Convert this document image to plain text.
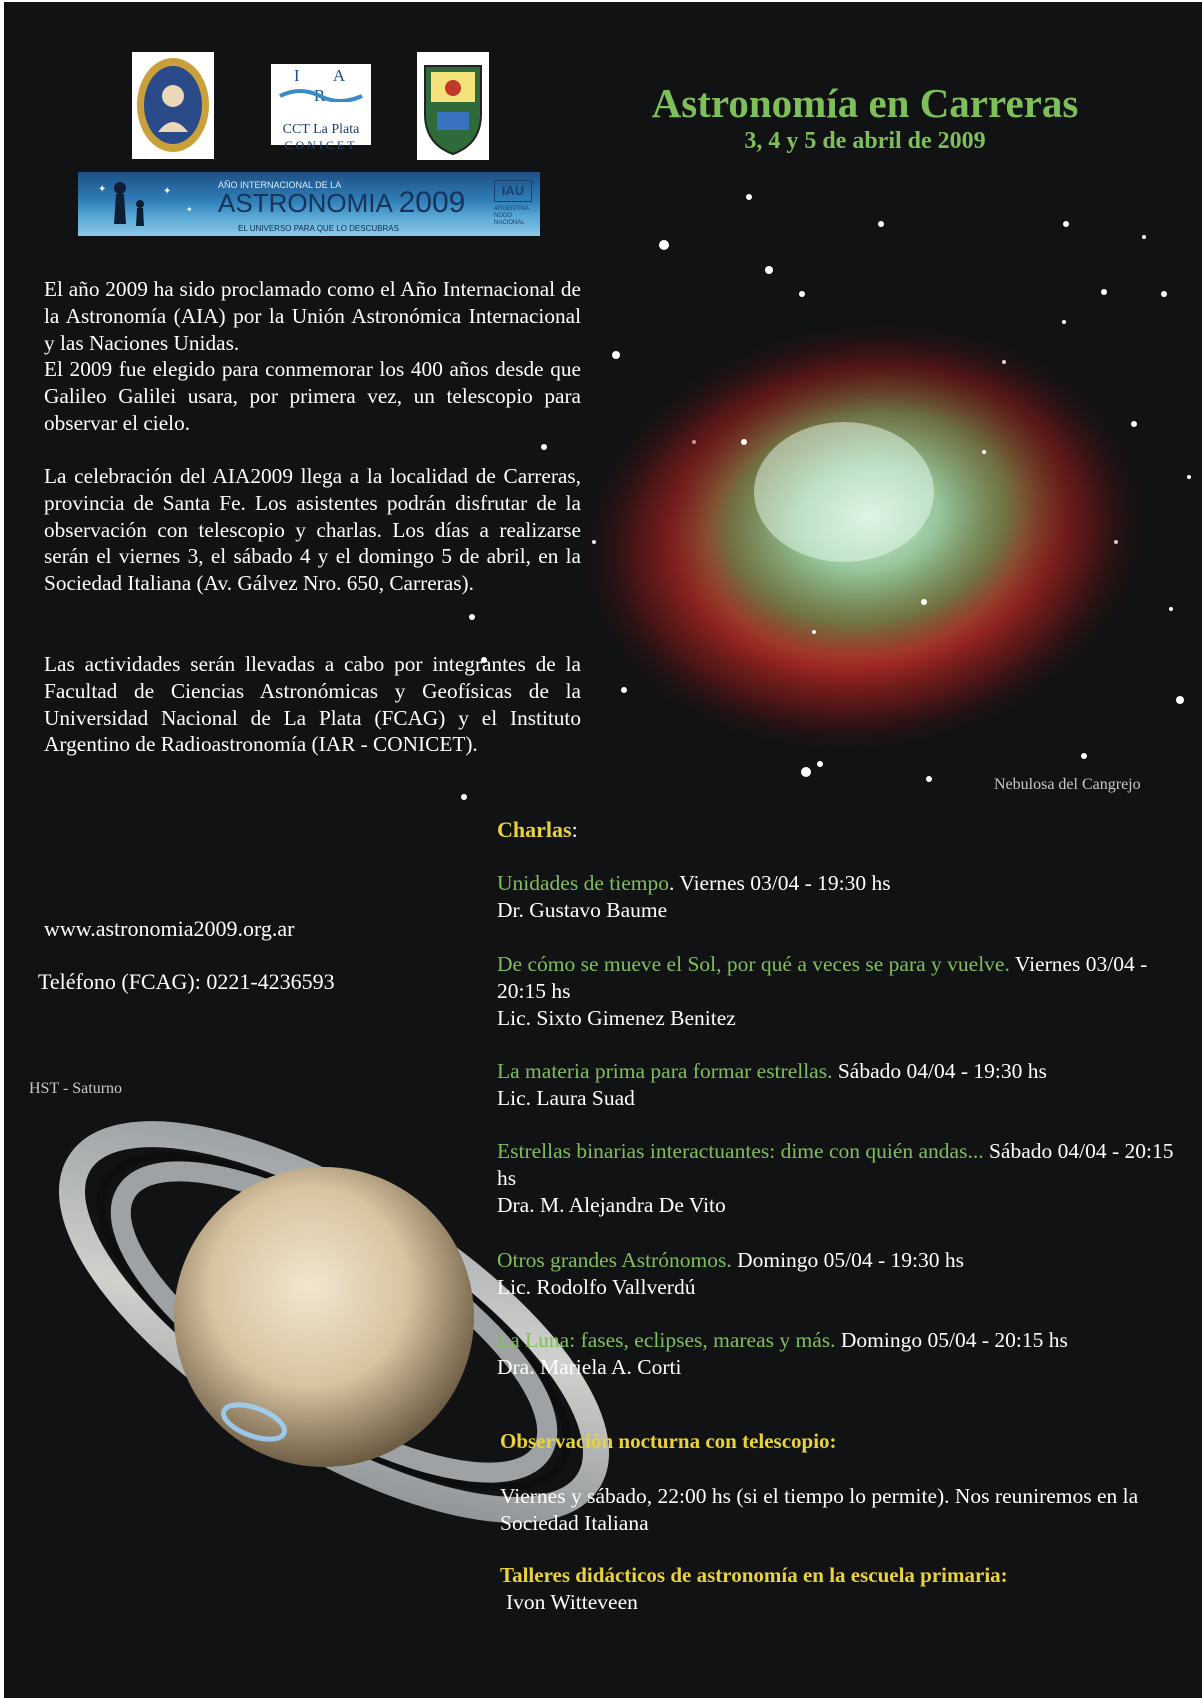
I A R
CCT La Plata
CONICET
✦	✦
✦
AÑO INTERNACIONAL DE LA
ASTRONOMIA 2009
EL UNIVERSO PARA QUE LO DESCUBRAS
IAU
ARGENTINA NODO NACIONAL
Astronomía en Carreras
3, 4 y 5 de abril de 2009

El año 2009 ha sido proclamado como el Año Internacional de la Astronomía (AIA) por la Unión Astronómica Internacional y las Naciones Unidas.

El 2009 fue elegido para conmemorar los 400 años desde que Galileo Galilei usara, por primera vez, un telescopio para observar el cielo.

La celebración del AIA2009 llega a la localidad de Carreras, provincia de Santa Fe. Los asistentes podrán disfrutar de la observación con telescopio y charlas. Los días a realizarse serán el viernes 3, el sábado 4 y el domingo 5 de abril, en la Sociedad Italiana (Av. Gálvez Nro. 650, Carreras).

Las actividades serán llevadas a cabo por integrantes de la Facultad de Ciencias Astronómicas y Geofísicas de la Universidad Nacional de La Plata (FCAG) y el Instituto Argentino de Radioastronomía (IAR - CONICET).

Nebulosa del Cangrejo
HST - Saturno
www.astronomia2009.org.ar
Teléfono (FCAG): 0221-4236593
Charlas:
Unidades de tiempo. Viernes 03/04 - 19:30 hs
Dr. Gustavo Baume
De cómo se mueve el Sol, por qué a veces se para y vuelve. Viernes 03/04 - 20:15 hs
Lic. Sixto Gimenez Benitez
La materia prima para formar estrellas. Sábado 04/04 - 19:30 hs
Lic. Laura Suad
Estrellas binarias interactuantes: dime con quién andas... Sábado 04/04 - 20:15 hs
Dra. M. Alejandra De Vito
Otros grandes Astrónomos. Domingo 05/04 - 19:30 hs
Lic. Rodolfo Vallverdú
La Luna: fases, eclipses, mareas y más. Domingo 05/04 - 20:15 hs
Dra. Mariela A. Corti
Observación nocturna con telescopio:
Viernes y sábado, 22:00 hs (si el tiempo lo permite). Nos reuniremos en la Sociedad Italiana
Talleres didácticos de astronomía en la escuela primaria:
Ivon Witteveen
